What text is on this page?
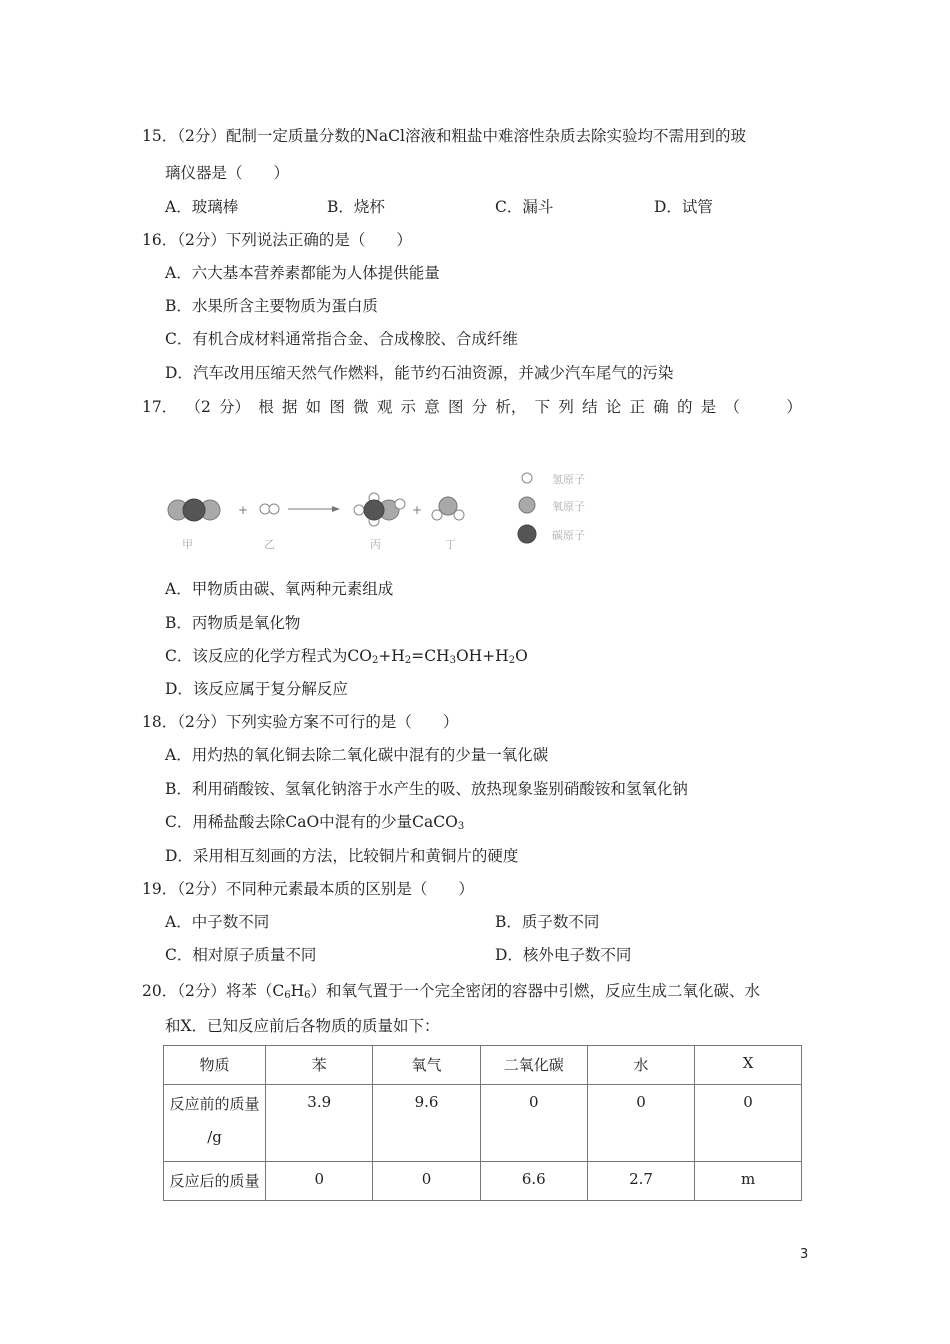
15．（2分）配制一定质量分数的NaCl溶液和粗盐中难溶性杂质去除实验均不需用到的玻
璃仪器是（　　）
A．玻璃棒	B．烧杯	C．漏斗	D．试管
16．（2分）下列说法正确的是（　　）
A．六大基本营养素都能为人体提供能量
B．水果所含主要物质为蛋白质
C．有机合成材料通常指合金、合成橡胶、合成纤维
D．汽车改用压缩天然气作燃料，能节约石油资源，并减少汽车尾气的污染
17． （2 分） 根 据 如 图 微 观 示 意 图 分 析， 下 列 结 论 正 确 的 是 （　　　）
+	+
甲	乙	丙	丁
氢原子
氧原子
碳原子
A．甲物质由碳、氧两种元素组成
B．丙物质是氧化物
C．该反应的化学方程式为$CO_2+H_2=CH_3OH+H_2O$
D．该反应属于复分解反应
18．（2分）下列实验方案不可行的是（　　）
A．用灼热的氧化铜去除二氧化碳中混有的少量一氧化碳
B．利用硝酸铵、氢氧化钠溶于水产生的吸、放热现象鉴别硝酸铵和氢氧化钠
C．用稀盐酸去除CaO中混有的少量CaCO$_3$
D．采用相互刻画的方法，比较铜片和黄铜片的硬度
19．（2分）不同种元素最本质的区别是（　　）
A．中子数不同	B．质子数不同
C．相对原子质量不同	D．核外电子数不同
20．（2分）将苯$(C_6H_6)$和氧气置于一个完全密闭的容器中引燃，反应生成二氧化碳、水
和X．已知反应前后各物质的质量如下：
物质	苯	氧气	二氧化碳	水	X

反应前的质量
/g	3.9	9.6	0	0	0
反应后的质量	0	0	6.6	2.7	m
3
